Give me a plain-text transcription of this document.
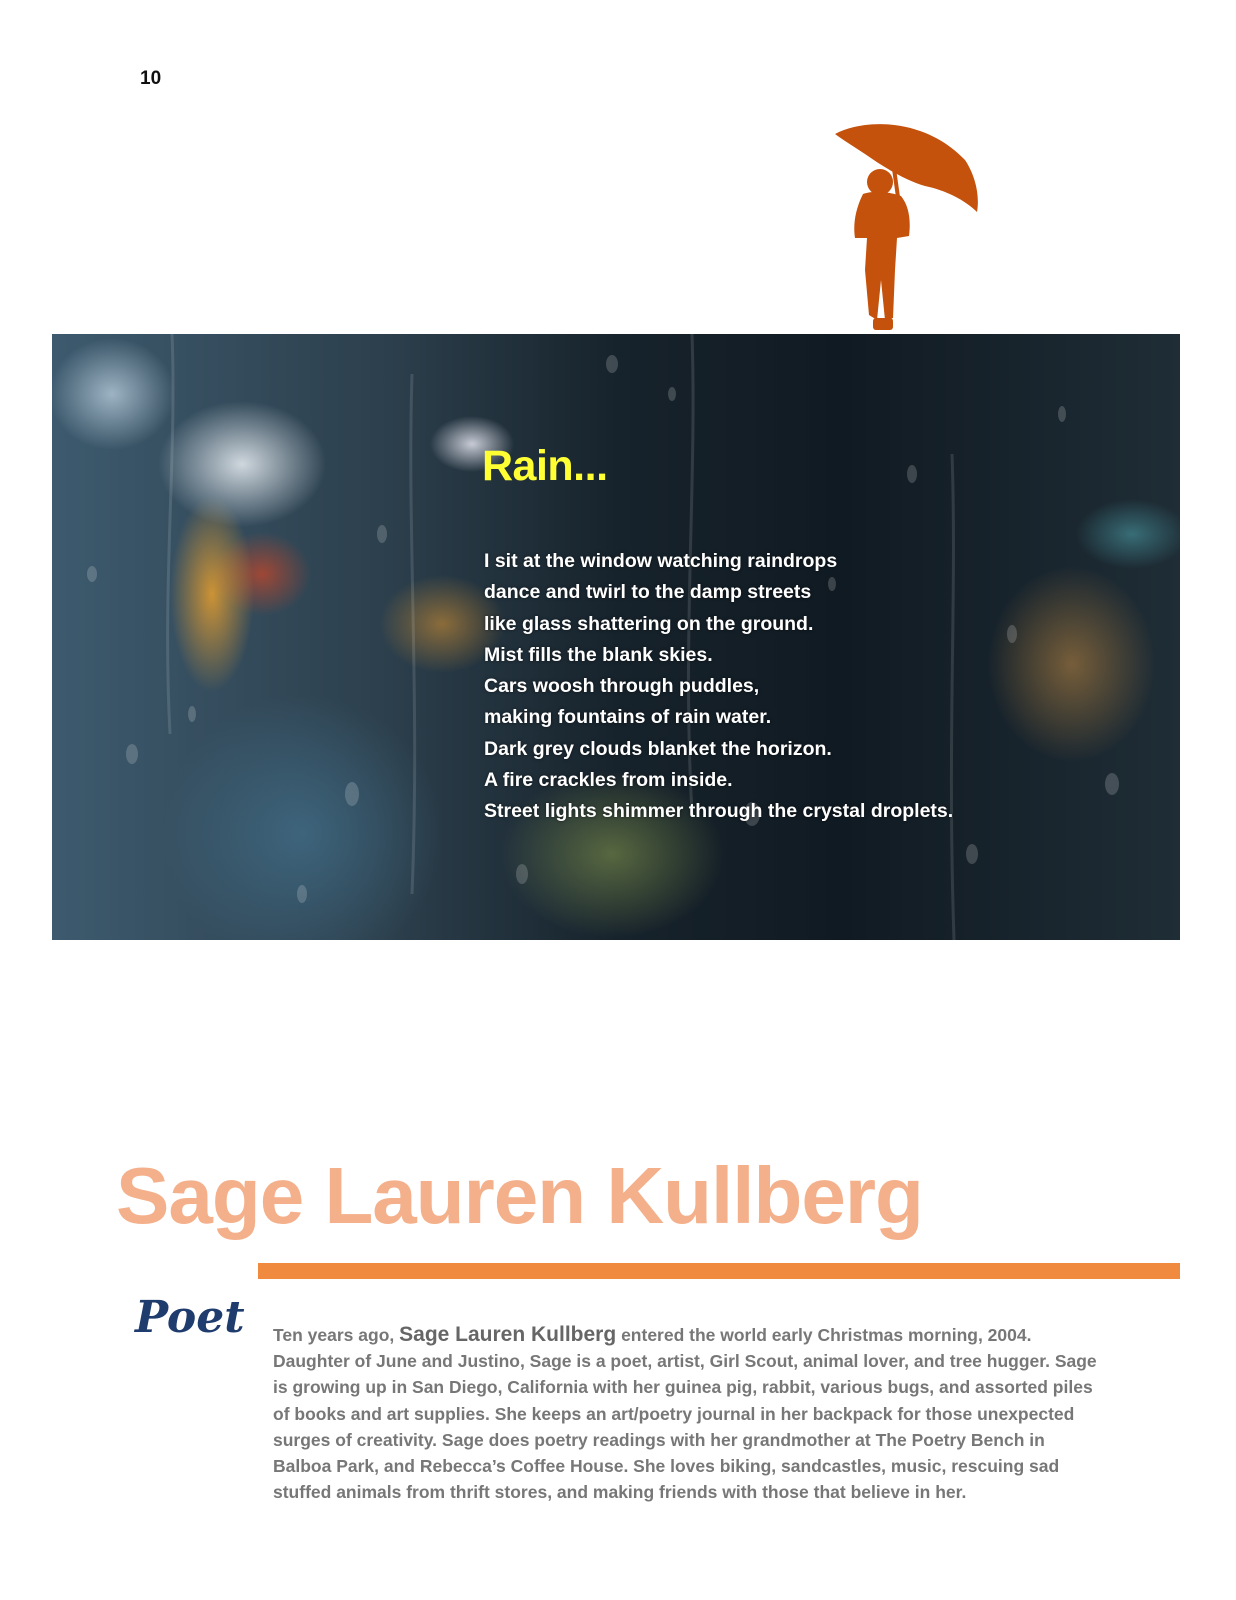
10
Rain...
I sit at the window watching raindrops
dance and twirl to the damp streets
like glass shattering on the ground.
Mist fills the blank skies.
Cars woosh through puddles,
making fountains of rain water.
Dark grey clouds blanket the horizon.
A fire crackles from inside.
Street lights shimmer through the crystal droplets.
Sage Lauren Kullberg
Poet Ten years ago, Sage Lauren Kullberg entered the world early Christmas morning, 2004. Daughter of June and Justino, Sage is a poet, artist, Girl Scout, animal lover, and tree hugger. Sage is growing up in San Diego, California with her guinea pig, rabbit, various bugs, and assorted piles of books and art supplies. She keeps an art/poetry journal in her backpack for those unexpected surges of creativity. Sage does poetry readings with her grandmother at The Poetry Bench in Balboa Park, and Rebecca’s Coffee House. She loves biking, sandcastles, music, rescuing sad stuffed animals from thrift stores, and making friends with those that believe in her.
